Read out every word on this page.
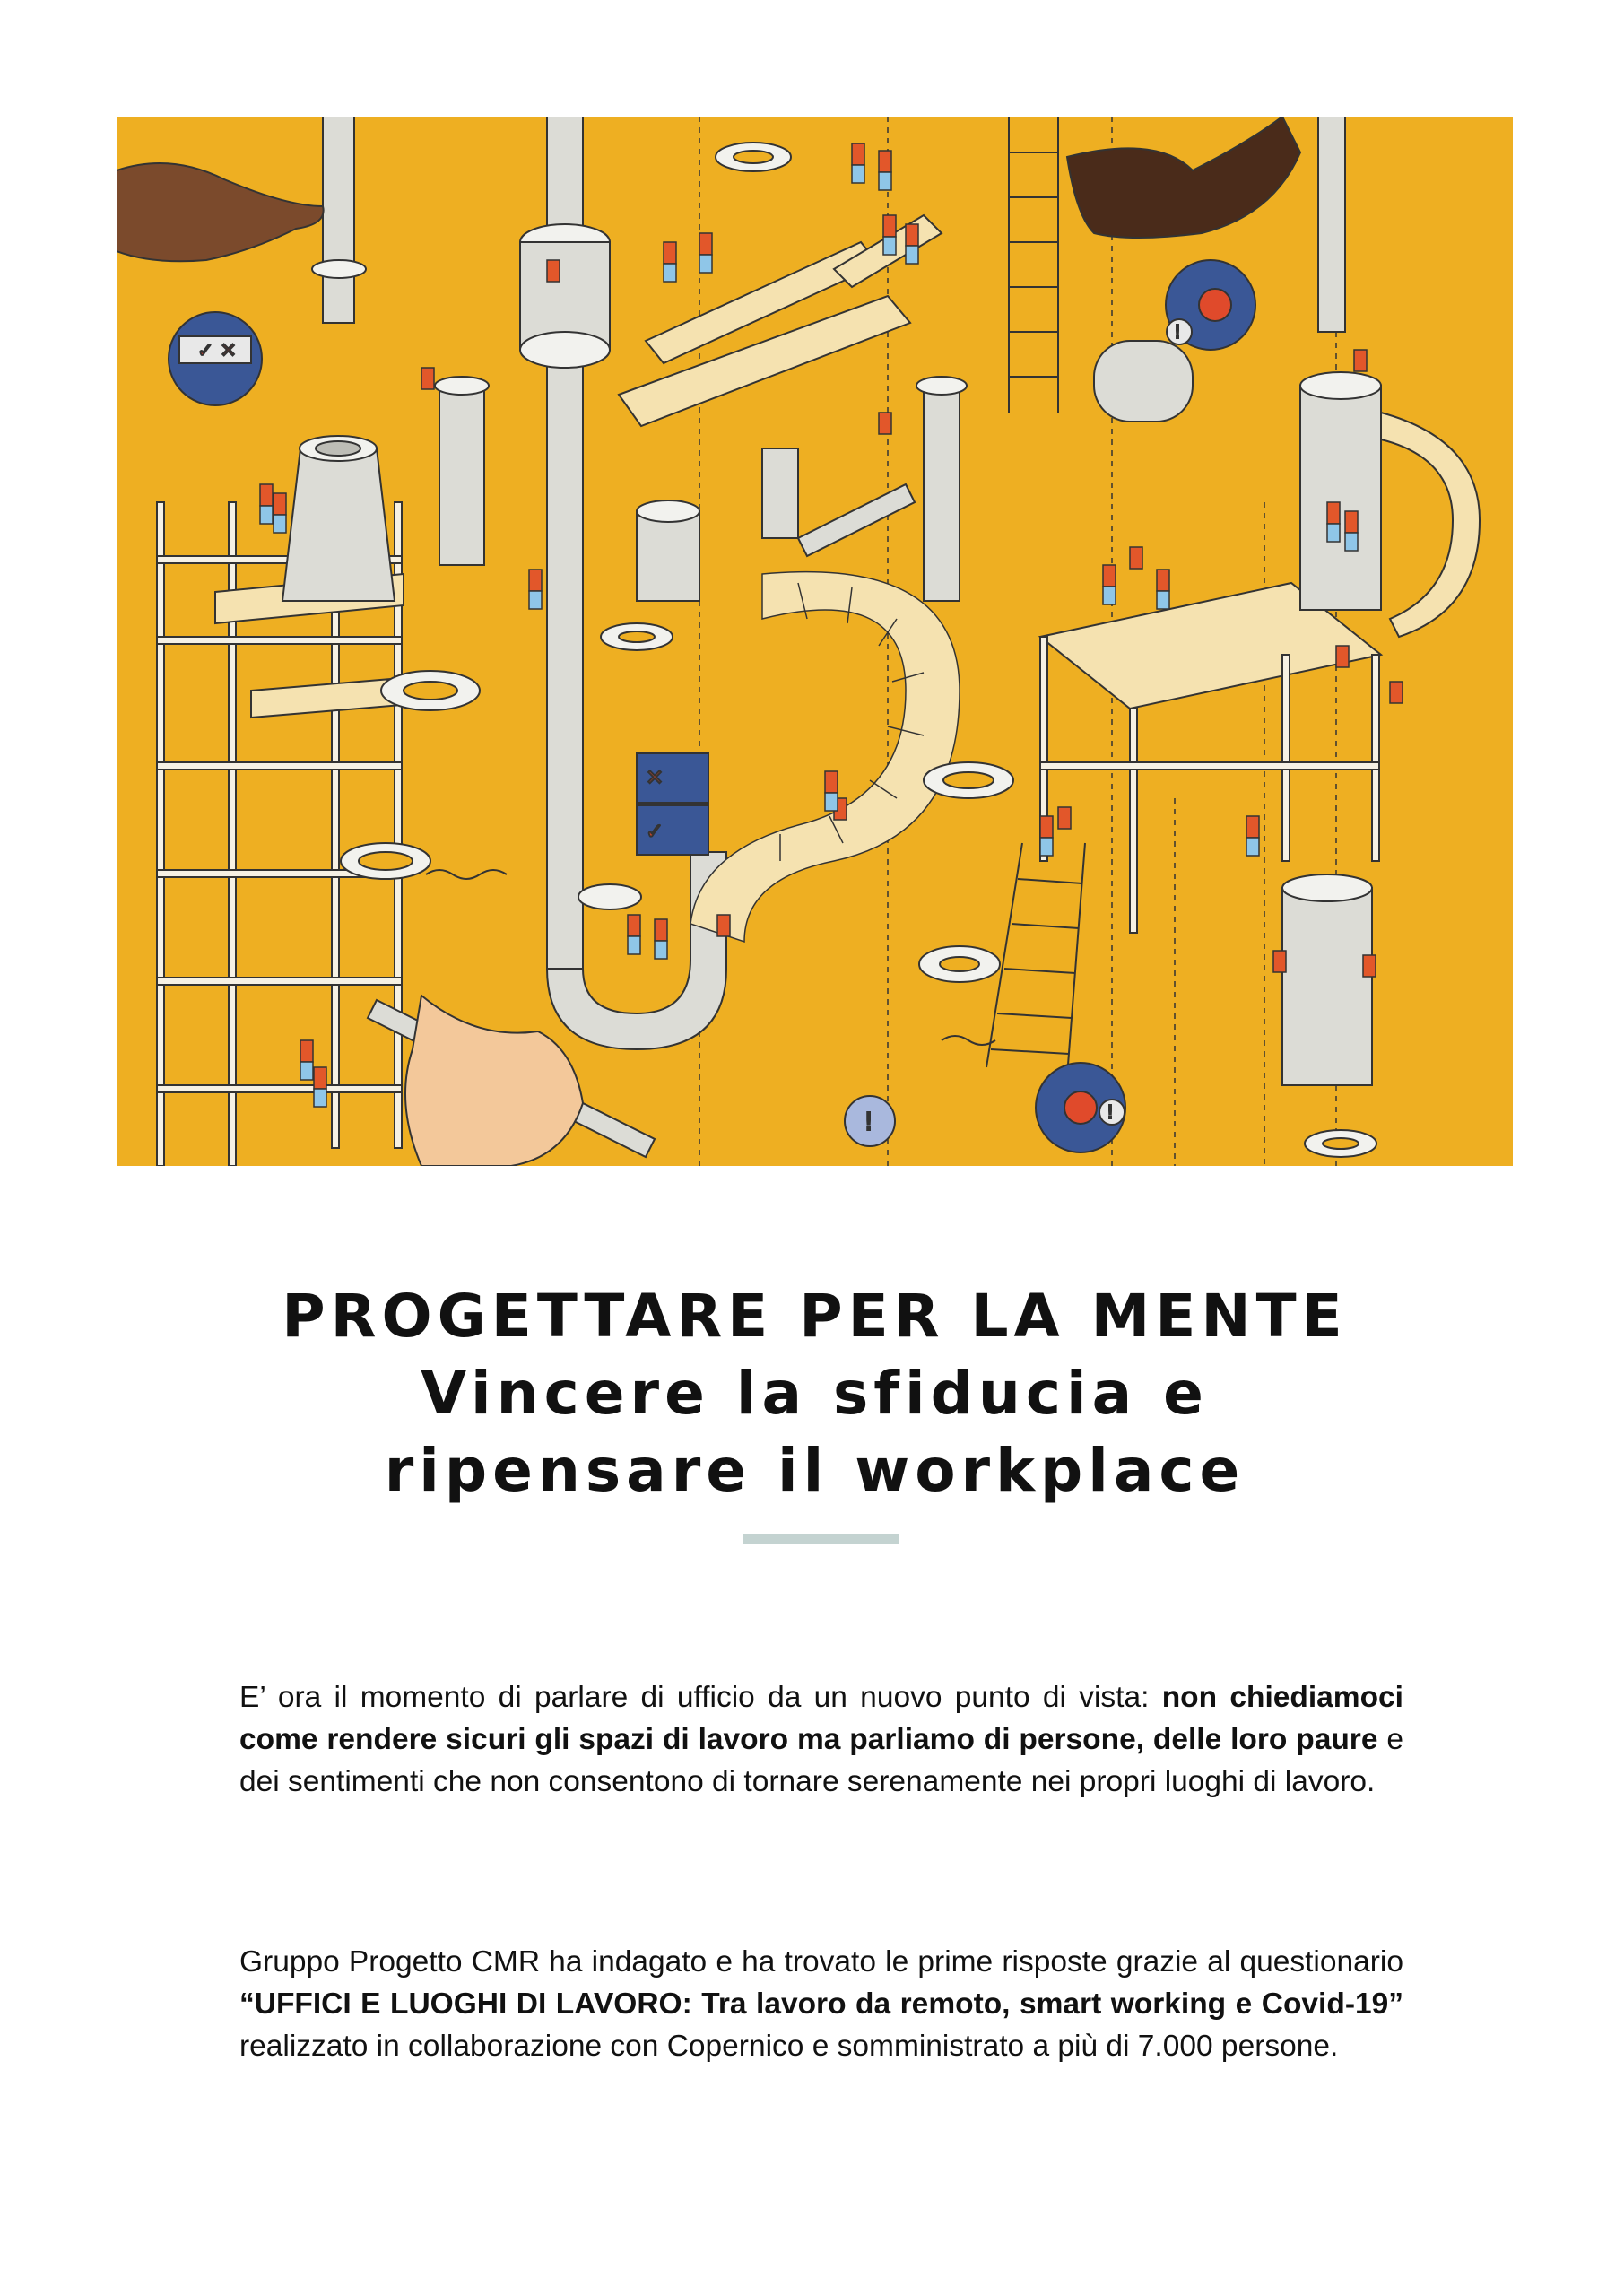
✓ ✕
!
!
!
✕
✓
PROGETTARE PER LA MENTE
Vincere la sfiducia e
ripensare il workplace

E’ ora il momento di parlare di ufficio da un nuovo punto di vista: non chiediamoci come rendere sicuri gli spazi di lavoro ma parliamo di persone, delle loro paure e dei sentimenti che non consentono di tornare serenamente nei propri luoghi di lavoro.

Gruppo Progetto CMR ha indagato e ha trovato le prime risposte grazie al questionario “UFFICI E LUOGHI DI LAVORO: Tra lavoro da remoto, smart working e Covid-19” realizzato in collaborazione con Copernico e somministrato a più di 7.000 persone.
